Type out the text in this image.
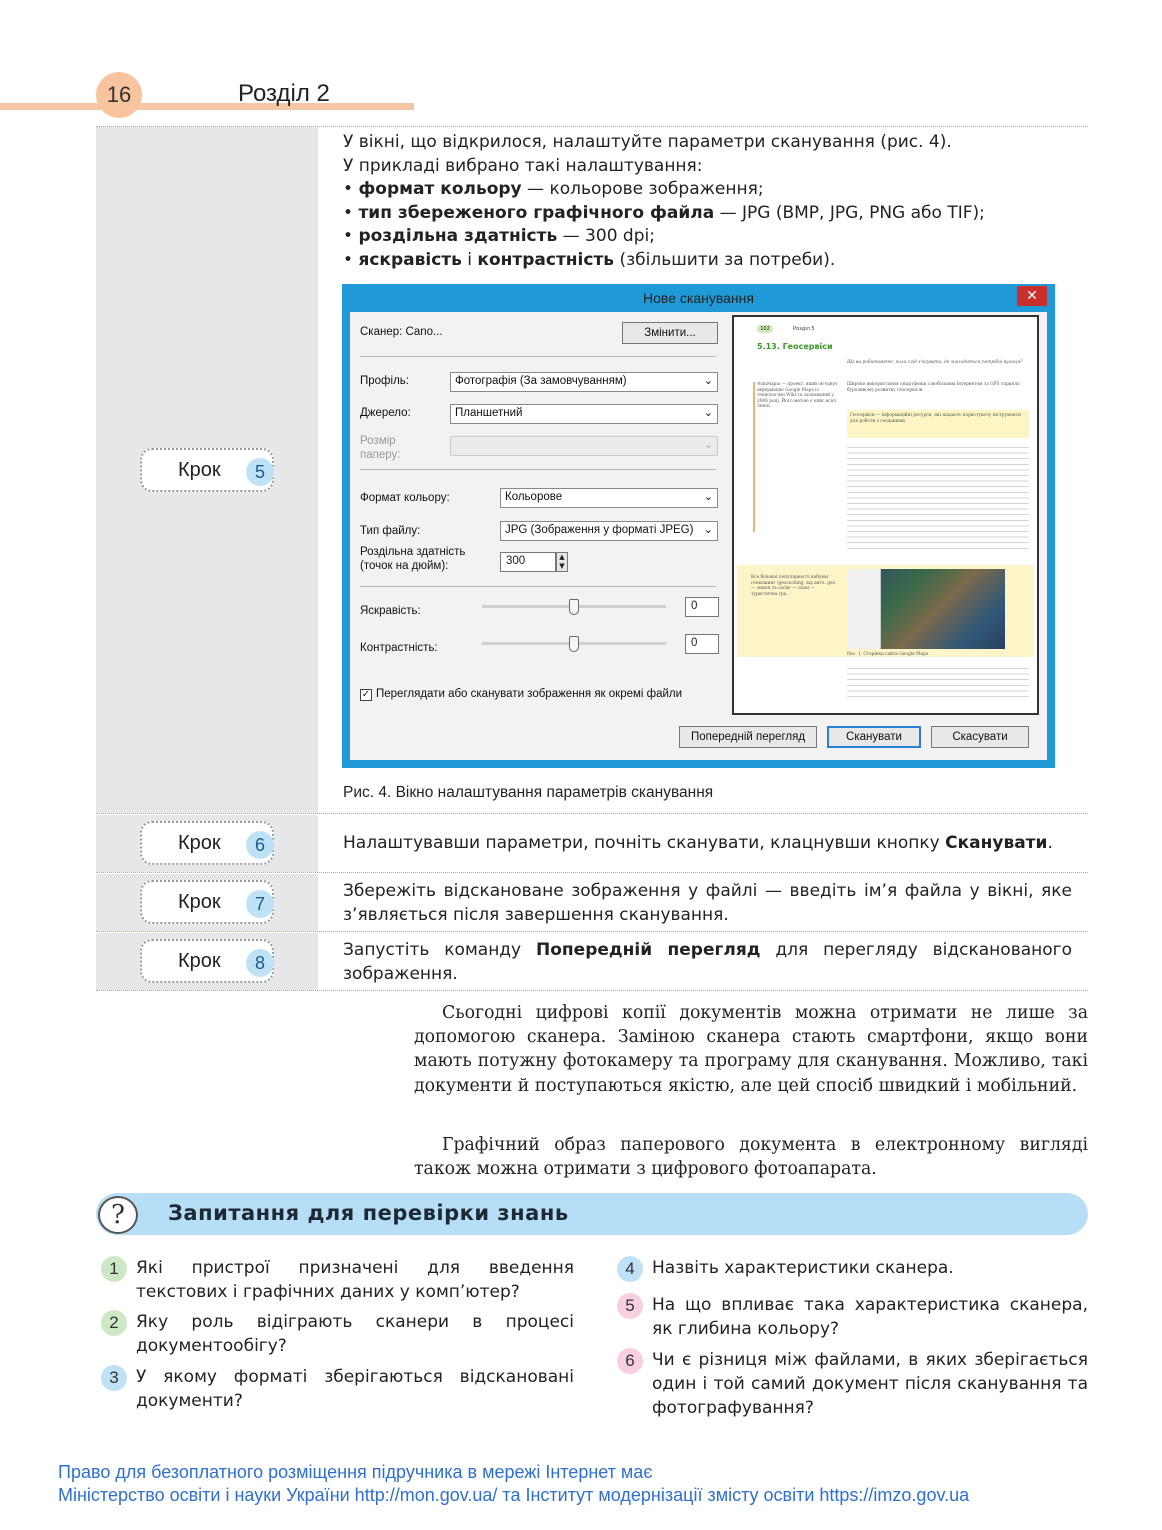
16	Розділ 2
Крок	5
У вікні, що відкрилося, налаштуйте параметри сканування (рис. 4).
У прикладі вибрано такі налаштування:
• формат кольору — кольорове зображення;
• тип збереженого графічного файла — JPG (BMP, JPG, PNG або TIF);
• роздільна здатність — 300 dpi;
• яскравість і контрастність (збільшити за потреби).
Нове сканування	✕
Сканер: Cano...	Змінити...
Профіль:	Фотографія (За замовчуванням)	⌄
Джерело:	Планшетний	⌄
Розмір паперу:
⌄
Формат кольору:	Кольорове	⌄
Тип файлу:	JPG (Зображення у форматі JPEG) ⌄
Роздільна здатність (точок на дюйм):	300	▲
▼
Яскравість:	0
Контрастність:	0
✓ Переглядати або сканувати зображення як окремі файли
Попередній перегляд	Сканувати	Скасувати
102	Розділ 5
5.13. Геосервіси
Що ви робитимете, коли слід з'ясувати, де знаходиться потрібні вулиця?
WikiMapia — проект, який об'єднує інформацію Google Maps із технологією Wiki та заснований у 2006 році. Його метою є опис всієї Землі.
Широке використання смартфонів з мобільним Інтернетом та GPS сприяло бурхливому розвитку геосервісів.
Геосервіси — інформаційні ресурси, які надають користувачу інструменти для роботи з геоданими.
Все більшої популярності набуває геокешинг (geocaching, від англ. geo — земля та cache — схов) — туристична гра.
Рис. 1. Сторінка сайта Google Maps
Рис. 4. Вікно налаштування параметрів сканування
Крок	6	Налаштувавши параметри, почніть сканувати, клацнувши кнопку Сканувати.
Крок	7
Збережіть відскановане зображення у файлі — введіть ім’я файла у вікні, яке з’являється після завершення сканування.
Крок	8
Запустіть команду Попередній перегляд для перегляду відсканованого зображення.
Сьогодні цифрові копії документів можна отримати не лише за допомогою сканера. Заміною сканера стають смартфони, якщо вони мають потужну фотокамеру та програму для сканування. Можливо, такі документи й поступаються якістю, але цей спосіб швидкий і мобільний.
Графічний образ паперового документа в електронному вигляді також можна отримати з цифрового фотоапарата.
?	Запитання для перевірки знань
1	Які пристрої призначені для введення текстових і графічних даних у комп’ютер?
2	Яку роль відіграють сканери в процесі документообігу?
3	У якому форматі зберігаються відскановані документи?
4	Назвіть характеристики сканера.
5	На що впливає така характеристика сканера, як глибина кольору?
6	Чи є різниця між файлами, в яких зберігається один і той самий документ після сканування та фотографування?
Право для безоплатного розміщення підручника в мережі Інтернет має
Міністерство освіти і науки України http://mon.gov.ua/ та Інститут модернізації змісту освіти https://imzo.gov.ua
